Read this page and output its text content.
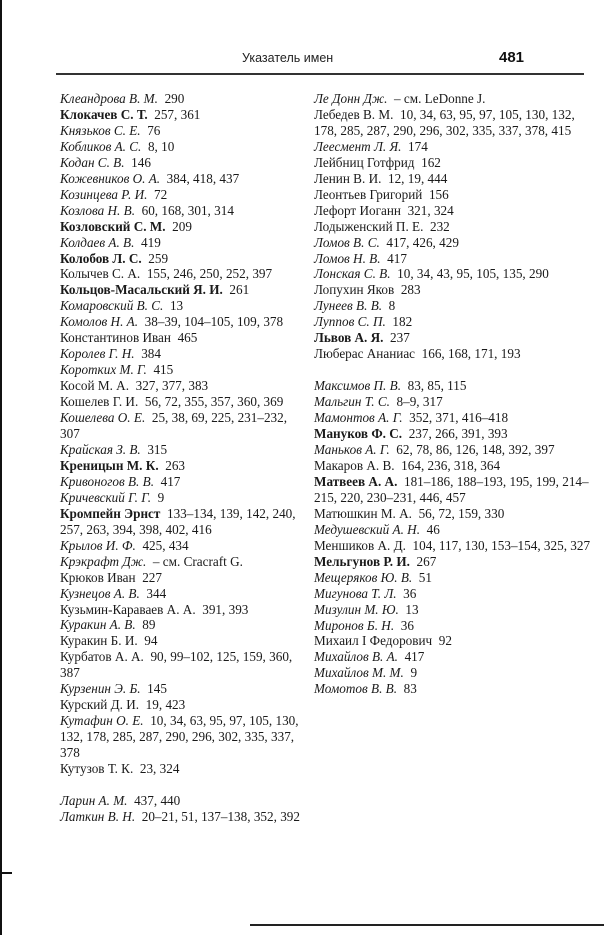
Указатель имен	481
Клеандрова В. М.  290
Клокачев С. Т.  257, 361
Князьков С. Е.  76
Кобликов А. С.  8, 10
Кодан С. В.  146
Кожевников О. А.  384, 418, 437
Козинцева Р. И.  72
Козлова Н. В.  60, 168, 301, 314
Козловский С. М.  209
Колдаев А. В.  419
Колобов Л. С.  259
Колычев С. А.  155, 246, 250, 252, 397
Кольцов-Масальский Я. И.  261
Комаровский В. С.  13
Комолов Н. А.  38–39, 104–105, 109, 378
Константинов Иван  465
Королев Г. Н.  384
Коротких М. Г.  415
Косой М. А.  327, 377, 383
Кошелев Г. И.  56, 72, 355, 357, 360, 369
Кошелева О. Е.  25, 38, 69, 225, 231–232, 307
Крайская З. В.  315
Креницын М. К.  263
Кривоногов В. В.  417
Кричевский Г. Г.  9
Кромпейн Эрнст  133–134, 139, 142, 240, 257, 263, 394, 398, 402, 416
Крылов И. Ф.  425, 434
Крэкрафт Дж.  – см. Cracraft G.
Крюков Иван  227
Кузнецов А. В.  344
Кузьмин-Караваев А. А.  391, 393
Куракин А. В.  89
Куракин Б. И.  94
Курбатов А. А.  90, 99–102, 125, 159, 360, 387
Курзенин Э. Б.  145
Курский Д. И.  19, 423
Кутафин О. Е.  10, 34, 63, 95, 97, 105, 130, 132, 178, 285, 287, 290, 296, 302, 335, 337, 378
Кутузов Т. К.  23, 324
Ларин А. М.  437, 440
Латкин В. Н.  20–21, 51, 137–138, 352, 392
Ле Донн Дж.  – см. LeDonne J.
Лебедев В. М.  10, 34, 63, 95, 97, 105, 130, 132, 178, 285, 287, 290, 296, 302, 335, 337, 378, 415
Леесмент Л. Я.  174
Лейбниц Готфрид  162
Ленин В. И.  12, 19, 444
Леонтьев Григорий  156
Лефорт Иоганн  321, 324
Лодыженский П. Е.  232
Ломов В. С.  417, 426, 429
Ломов Н. В.  417
Лонская С. В.  10, 34, 43, 95, 105, 135, 290
Лопухин Яков  283
Лунеев В. В.  8
Луппов С. П.  182
Львов А. Я.  237
Люберас Ананиас  166, 168, 171, 193
Максимов П. В.  83, 85, 115
Мальгин Т. С.  8–9, 317
Мамонтов А. Г.  352, 371, 416–418
Мануков Ф. С.  237, 266, 391, 393
Маньков А. Г.  62, 78, 86, 126, 148, 392, 397
Макаров А. В.  164, 236, 318, 364
Матвеев А. А.  181–186, 188–193, 195, 199, 214–215, 220, 230–231, 446, 457
Матюшкин М. А.  56, 72, 159, 330
Медушевский А. Н.  46
Меншиков А. Д.  104, 117, 130, 153–154, 325, 327
Мельгунов Р. И.  267
Мещеряков Ю. В.  51
Мигунова Т. Л.  36
Мизулин М. Ю.  13
Миронов Б. Н.  36
Михаил I Федорович  92
Михайлов В. А.  417
Михайлов М. М.  9
Момотов В. В.  83
